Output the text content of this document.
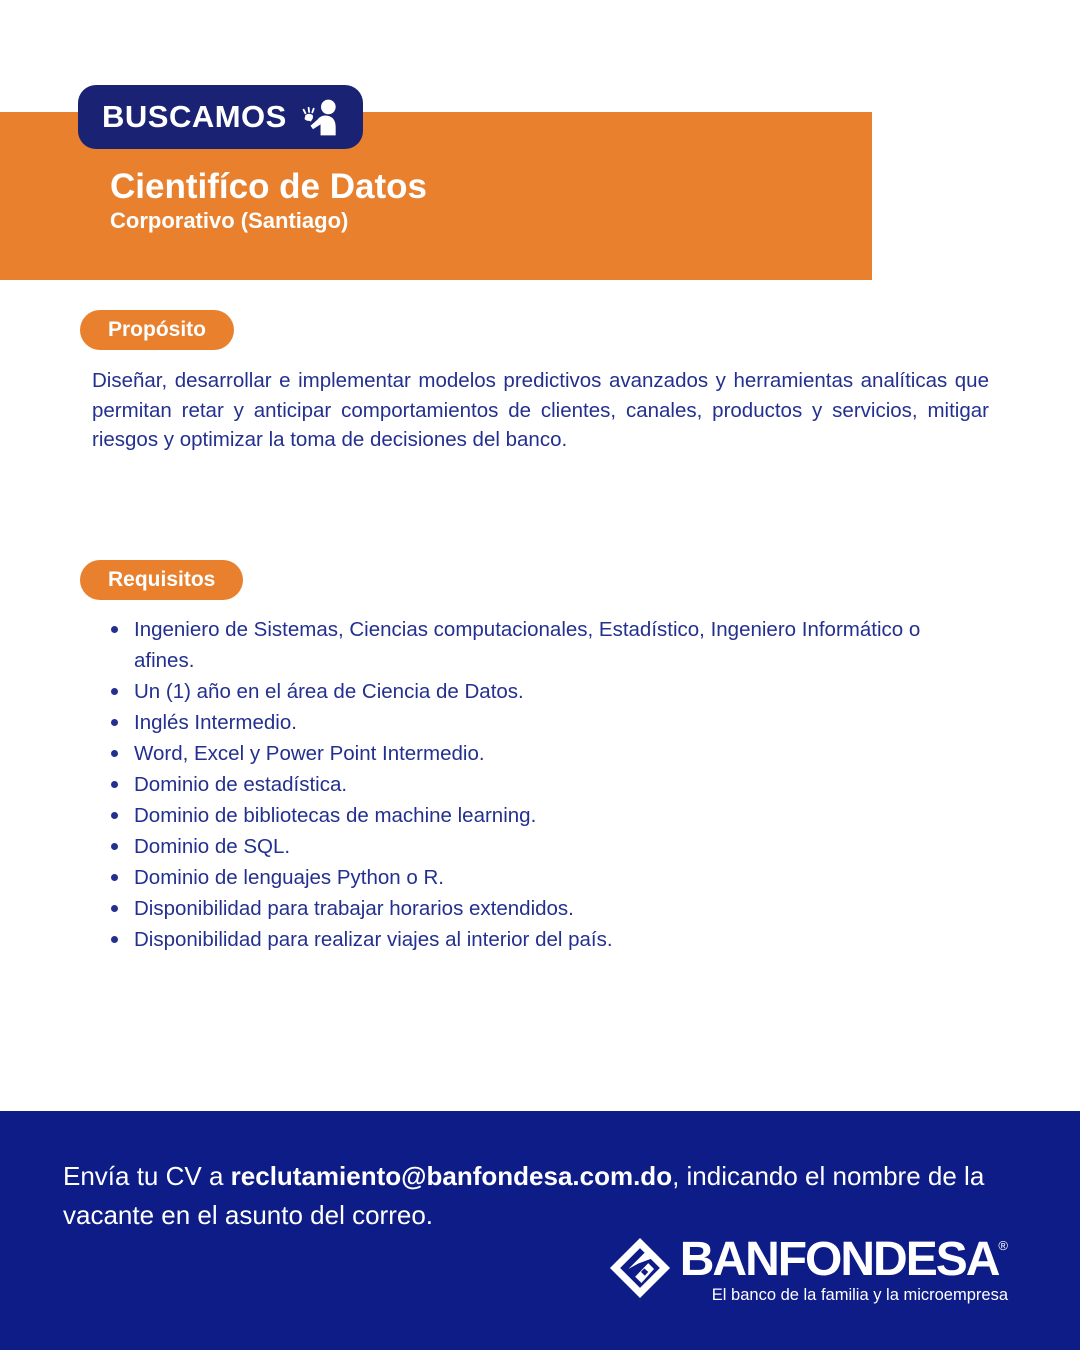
BUSCAMOS

Cientifíco de Datos

Corporativo (Santiago)

Propósito
Diseñar, desarrollar e implementar modelos predictivos avanzados y herramientas analíticas que permitan retar y anticipar comportamientos de clientes, canales, productos y servicios, mitigar riesgos y optimizar la toma de decisiones del banco.
Requisitos
Ingeniero de Sistemas, Ciencias computacionales, Estadístico, Ingeniero Informático o afines.
Un (1) año en el área de Ciencia de Datos.
Inglés Intermedio.
Word, Excel y Power Point Intermedio.
Dominio de estadística.
Dominio de bibliotecas de machine learning.
Dominio de SQL.
Dominio de lenguajes Python o R.
Disponibilidad para trabajar horarios extendidos.
Disponibilidad para realizar viajes al interior del país.

Envía tu CV a reclutamiento@banfondesa.com.do, indicando el nombre de la vacante en el asunto del correo.

BANFONDESA ®
El banco de la familia y la microempresa
